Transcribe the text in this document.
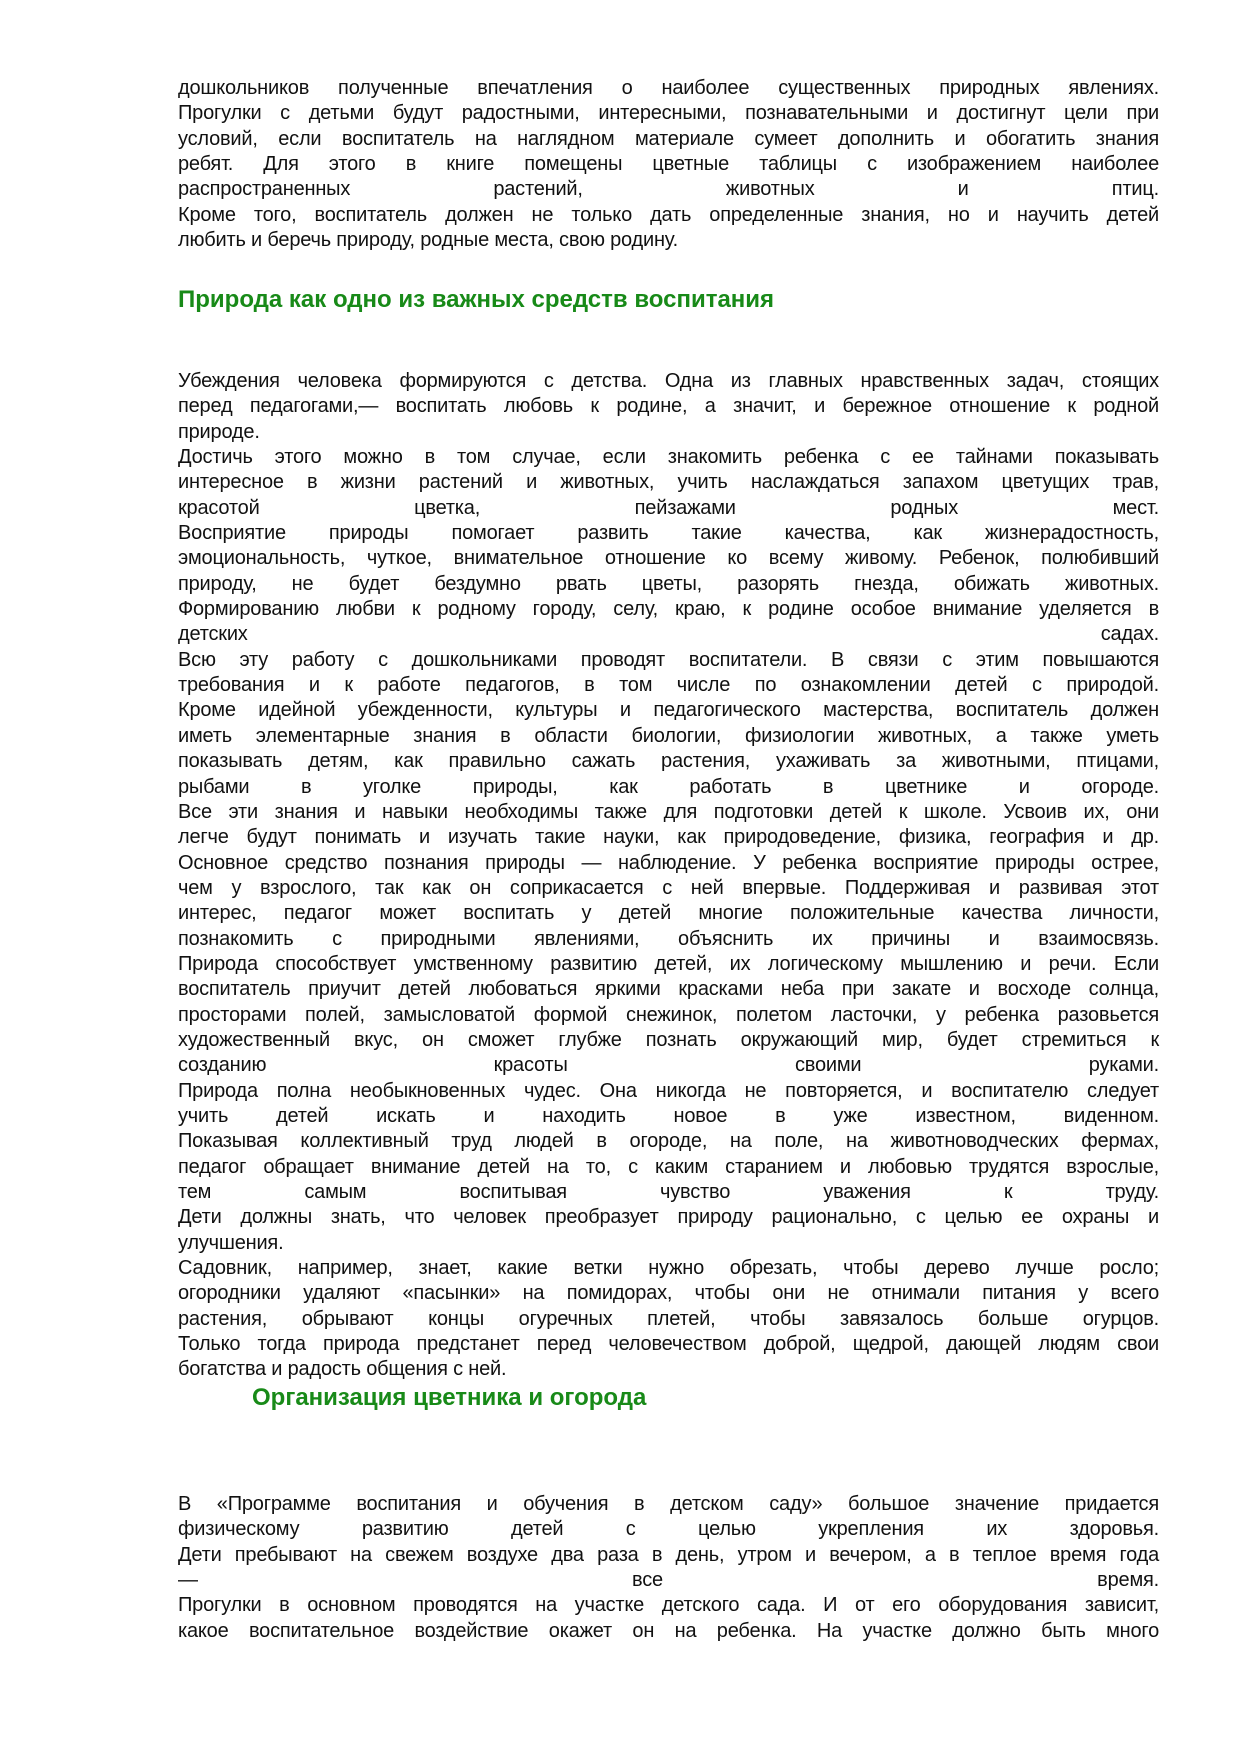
дошкольников полученные впечатления о наиболее существенных природных явлениях.
Прогулки с детьми будут радостными, интересными, познавательными и достигнут цели при
условий, если воспитатель на наглядном материале сумеет дополнить и обогатить знания
ребят. Для этого в книге помещены цветные таблицы с изображением наиболее
распространенных растений, животных и птиц.
Кроме того, воспитатель должен не только дать определенные знания, но и научить детей
любить и беречь природу, родные места, свою родину.
Природа как одно из важных средств воспитания
Убеждения человека формируются с детства. Одна из главных нравственных задач, стоящих
перед педагогами,— воспитать любовь к родине, а значит, и бережное отношение к родной
природе.
Достичь этого можно в том случае, если знакомить ребенка с ее тайнами показывать
интересное в жизни растений и животных, учить наслаждаться запахом цветущих трав,
красотой цветка, пейзажами родных мест.
Восприятие природы помогает развить такие качества, как жизнерадостность,
эмоциональность, чуткое, внимательное отношение ко всему живому. Ребенок, полюбивший
природу, не будет бездумно рвать цветы, разорять гнезда, обижать животных.
Формированию любви к родному городу, селу, краю, к родине особое внимание уделяется в
детских садах.
Всю эту работу с дошкольниками проводят воспитатели. В связи с этим повышаются
требования и к работе педагогов, в том числе по ознакомлении детей с природой.
Кроме идейной убежденности, культуры и педагогического мастерства, воспитатель должен
иметь элементарные знания в области биологии, физиологии животных, а также уметь
показывать детям, как правильно сажать растения, ухаживать за животными, птицами,
рыбами в уголке природы, как работать в цветнике и огороде.
Все эти знания и навыки необходимы также для подготовки детей к школе. Усвоив их, они
легче будут понимать и изучать такие науки, как природоведение, физика, география и др.
Основное средство познания природы — наблюдение. У ребенка восприятие природы острее,
чем у взрослого, так как он соприкасается с ней впервые. Поддерживая и развивая этот
интерес, педагог может воспитать у детей многие положительные качества личности,
познакомить с природными явлениями, объяснить их причины и взаимосвязь.
Природа способствует умственному развитию детей, их логическому мышлению и речи. Если
воспитатель приучит детей любоваться яркими красками неба при закате и восходе солнца,
просторами полей, замысловатой формой снежинок, полетом ласточки, у ребенка разовьется
художественный вкус, он сможет глубже познать окружающий мир, будет стремиться к
созданию красоты своими руками.
Природа полна необыкновенных чудес. Она никогда не повторяется, и воспитателю следует
учить детей искать и находить новое в уже известном, виденном.
Показывая коллективный труд людей в огороде, на поле, на животноводческих фермах,
педагог обращает внимание детей на то, с каким старанием и любовью трудятся взрослые,
тем самым воспитывая чувство уважения к труду.
Дети должны знать, что человек преобразует природу рационально, с целью ее охраны и
улучшения.
Садовник, например, знает, какие ветки нужно обрезать, чтобы дерево лучше росло;
огородники удаляют «пасынки» на помидорах, чтобы они не отнимали питания у всего
растения, обрывают концы огуречных плетей, чтобы завязалось больше огурцов.
Только тогда природа предстанет перед человечеством доброй, щедрой, дающей людям свои
богатства и радость общения с ней.
Организация цветника и огорода
В «Программе воспитания и обучения в детском саду» большое значение придается
физическому развитию детей с целью укрепления их здоровья.
Дети пребывают на свежем воздухе два раза в день, утром и вечером, а в теплое время года
— все время.
Прогулки в основном проводятся на участке детского сада. И от его оборудования зависит,
какое воспитательное воздействие окажет он на ребенка. На участке должно быть много
